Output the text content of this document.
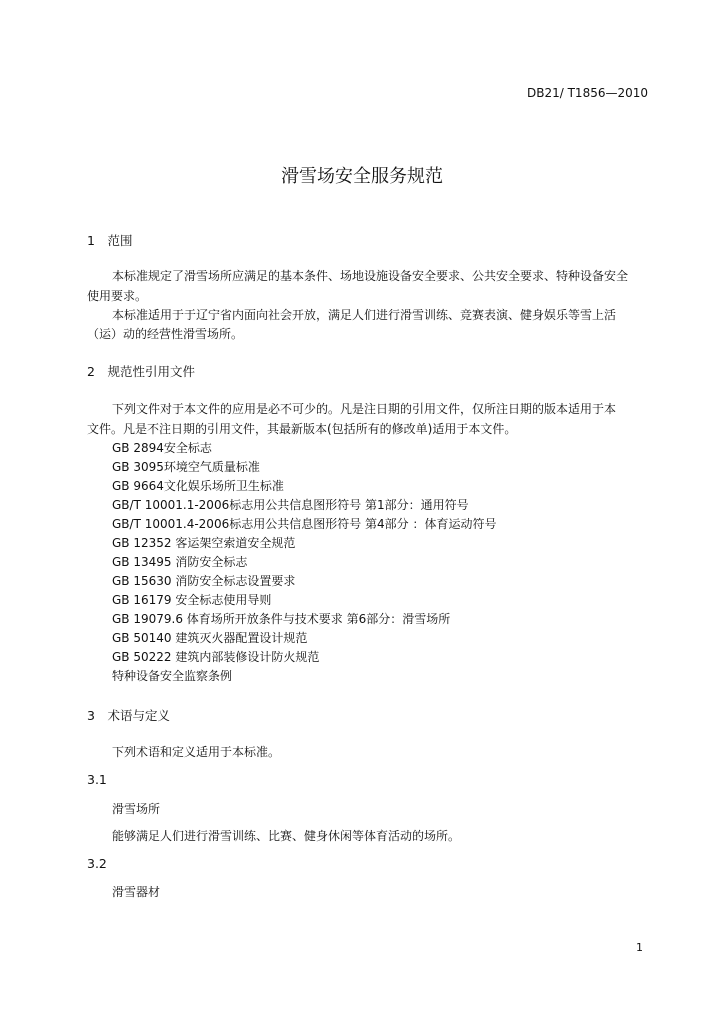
DB21/ T1856—2010
滑雪场安全服务规范
1　范围
本标准规定了滑雪场所应满足的基本条件、场地设施设备安全要求、公共安全要求、特种设备安全
使用要求。
本标准适用于于辽宁省内面向社会开放，满足人们进行滑雪训练、竞赛表演、健身娱乐等雪上活
（运）动的经营性滑雪场所。
2　规范性引用文件
下列文件对于本文件的应用是必不可少的。凡是注日期的引用文件，仅所注日期的版本适用于本
文件。凡是不注日期的引用文件，其最新版本(包括所有的修改单)适用于本文件。
GB 2894安全标志
GB 3095环境空气质量标准
GB 9664文化娱乐场所卫生标准
GB/T 10001.1-2006标志用公共信息图形符号 第1部分：通用符号
GB/T 10001.4-2006标志用公共信息图形符号 第4部分 ：体育运动符号
GB 12352 客运架空索道安全规范
GB 13495 消防安全标志
GB 15630 消防安全标志设置要求
GB 16179 安全标志使用导则
GB 19079.6 体育场所开放条件与技术要求 第6部分：滑雪场所
GB 50140 建筑灭火器配置设计规范
GB 50222 建筑内部装修设计防火规范
特种设备安全监察条例
3　术语与定义
下列术语和定义适用于本标准。
3.1
滑雪场所
能够满足人们进行滑雪训练、比赛、健身休闲等体育活动的场所。
3.2
滑雪器材
1
